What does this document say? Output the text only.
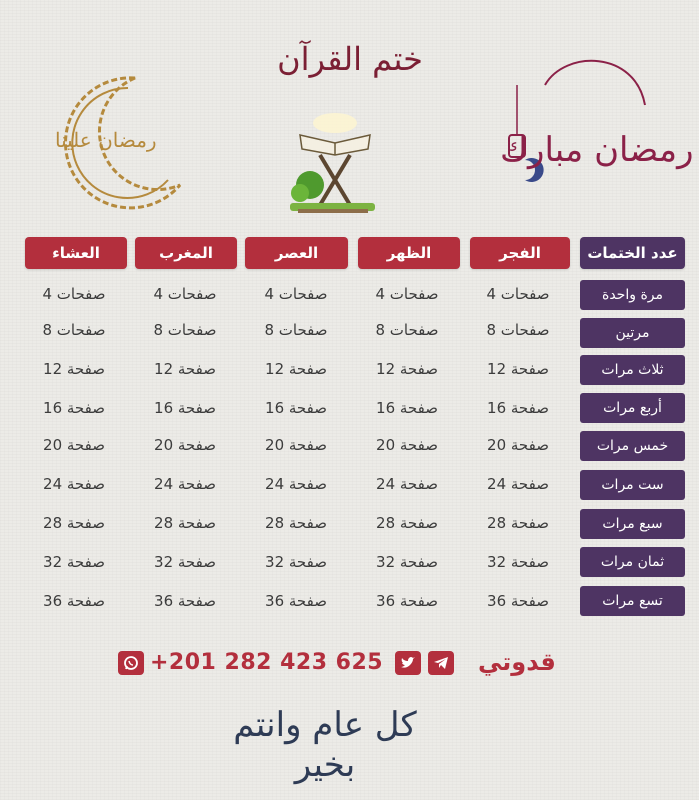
رمضان علينا
ختم القرآن
رمضان مبارك
عدد الختمات
الفجر
الظهر
العصر
المغرب
العشاء
مرة واحدة
4 صفحات
4 صفحات
4 صفحات
4 صفحات
4 صفحات
مرتين
8 صفحات
8 صفحات
8 صفحات
8 صفحات
8 صفحات
ثلاث مرات
12 صفحة
12 صفحة
12 صفحة
12 صفحة
12 صفحة
أربع مرات
16 صفحة
16 صفحة
16 صفحة
16 صفحة
16 صفحة
خمس مرات
20 صفحة
20 صفحة
20 صفحة
20 صفحة
20 صفحة
ست مرات
24 صفحة
24 صفحة
24 صفحة
24 صفحة
24 صفحة
سبع مرات
28 صفحة
28 صفحة
28 صفحة
28 صفحة
28 صفحة
ثمان مرات
32 صفحة
32 صفحة
32 صفحة
32 صفحة
32 صفحة
تسع مرات
36 صفحة
36 صفحة
36 صفحة
36 صفحة
36 صفحة
+201 282 423 625	قدوتي
كل عام وانتم بخير
